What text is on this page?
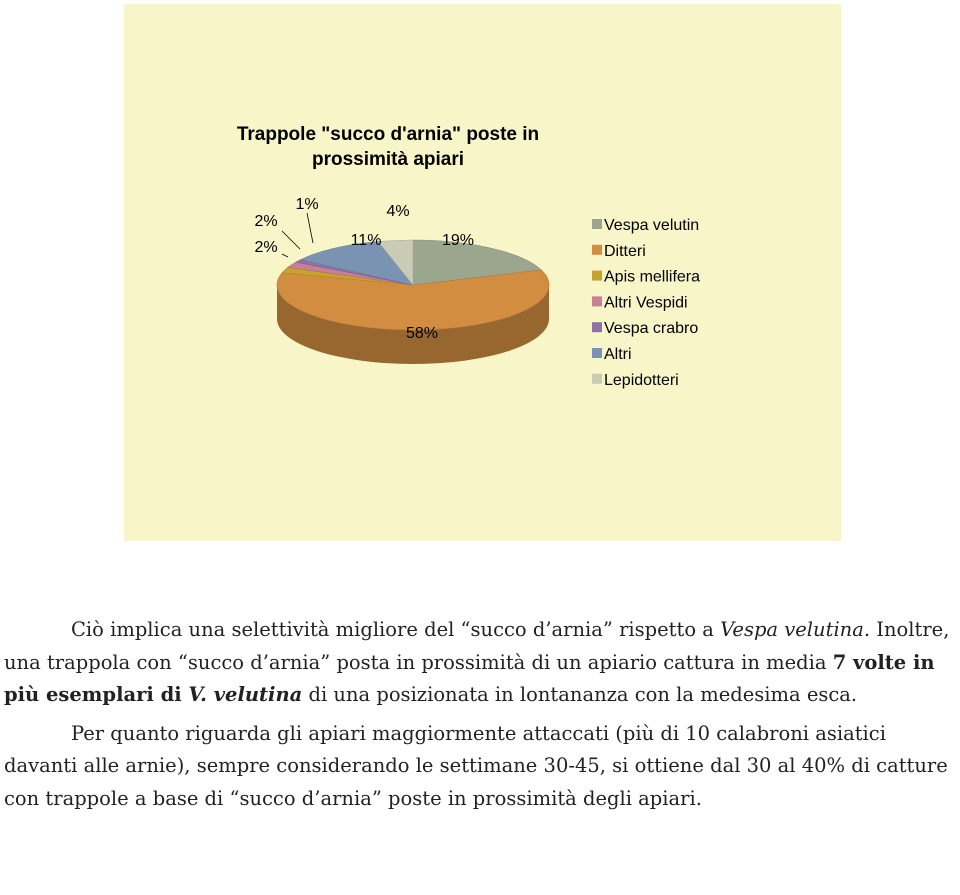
Trappole "succo d'arnia" poste in
prossimità apiari
19%
58%
2%
2%
1%
11%
4%
Vespa velutin
Ditteri
Apis mellifera
Altri Vespidi
Vespa crabro
Altri
Lepidotteri

Ciò implica una selettività migliore del “succo d’arnia” rispetto a Vespa velutina. Inoltre, una trappola con “succo d’arnia” posta in prossimità di un apiario cattura in media 7 volte in più esemplari di V. velutina di una posizionata in lontananza con la medesima esca.

Per quanto riguarda gli apiari maggiormente attaccati (più di 10 calabroni asiatici davanti alle arnie), sempre considerando le settimane 30-45, si ottiene dal 30 al 40% di catture con trappole a base di “succo d’arnia” poste in prossimità degli apiari.
